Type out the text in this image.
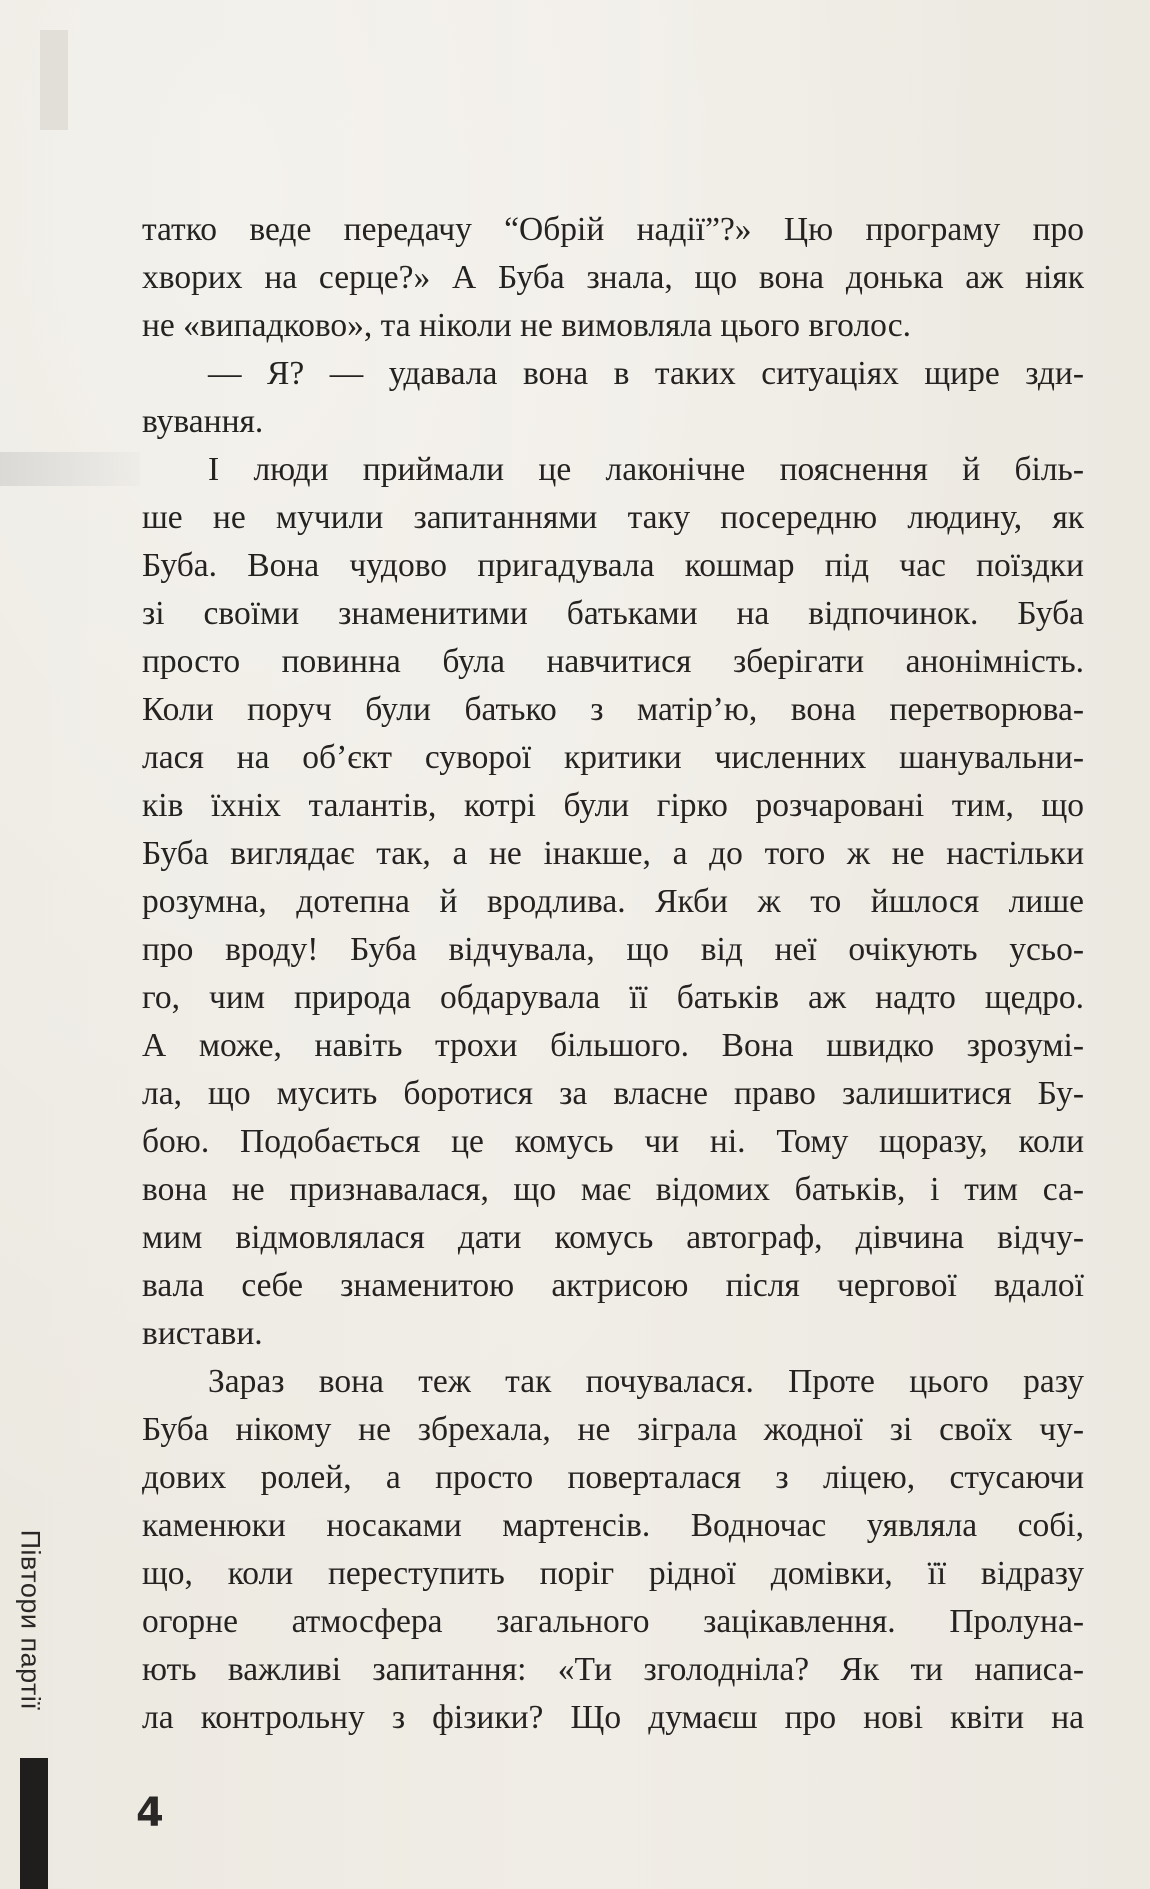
татко веде передачу “Обрій надії”?» Цю програму про
хворих на серце?» А Буба знала, що вона донька аж ніяк
не «випадково», та ніколи не вимовляла цього вголос.
— Я? — удавала вона в таких ситуаціях щире зди-
вування.
І люди приймали це лаконічне пояснення й біль-
ше не мучили запитаннями таку посередню людину, як
Буба. Вона чудово пригадувала кошмар під час поїздки
зі своїми знаменитими батьками на відпочинок. Буба
просто повинна була навчитися зберігати анонімність.
Коли поруч були батько з матір’ю, вона перетворюва-
лася на об’єкт суворої критики численних шанувальни-
ків їхніх талантів, котрі були гірко розчаровані тим, що
Буба виглядає так, а не інакше, а до того ж не настільки
розумна, дотепна й вродлива. Якби ж то йшлося лише
про вроду! Буба відчувала, що від неї очікують усьо-
го, чим природа обдарувала її батьків аж надто щедро.
А може, навіть трохи більшого. Вона швидко зрозумі-
ла, що мусить боротися за власне право залишитися Бу-
бою. Подобається це комусь чи ні. Тому щоразу, коли
вона не признавалася, що має відомих батьків, і тим са-
мим відмовлялася дати комусь автограф, дівчина відчу-
вала себе знаменитою актрисою після чергової вдалої
вистави.
Зараз вона теж так почувалася. Проте цього разу
Буба нікому не збрехала, не зіграла жодної зі своїх чу-
дових ролей, а просто поверталася з ліцею, стусаючи
каменюки носаками мартенсів. Водночас уявляла собі,
що, коли переступить поріг рідної домівки, її відразу
огорне атмосфера загального зацікавлення. Пролуна-
ють важливі запитання: «Ти зголодніла? Як ти написа-
ла контрольну з фізики? Що думаєш про нові квіти на
Півтори партії
4
